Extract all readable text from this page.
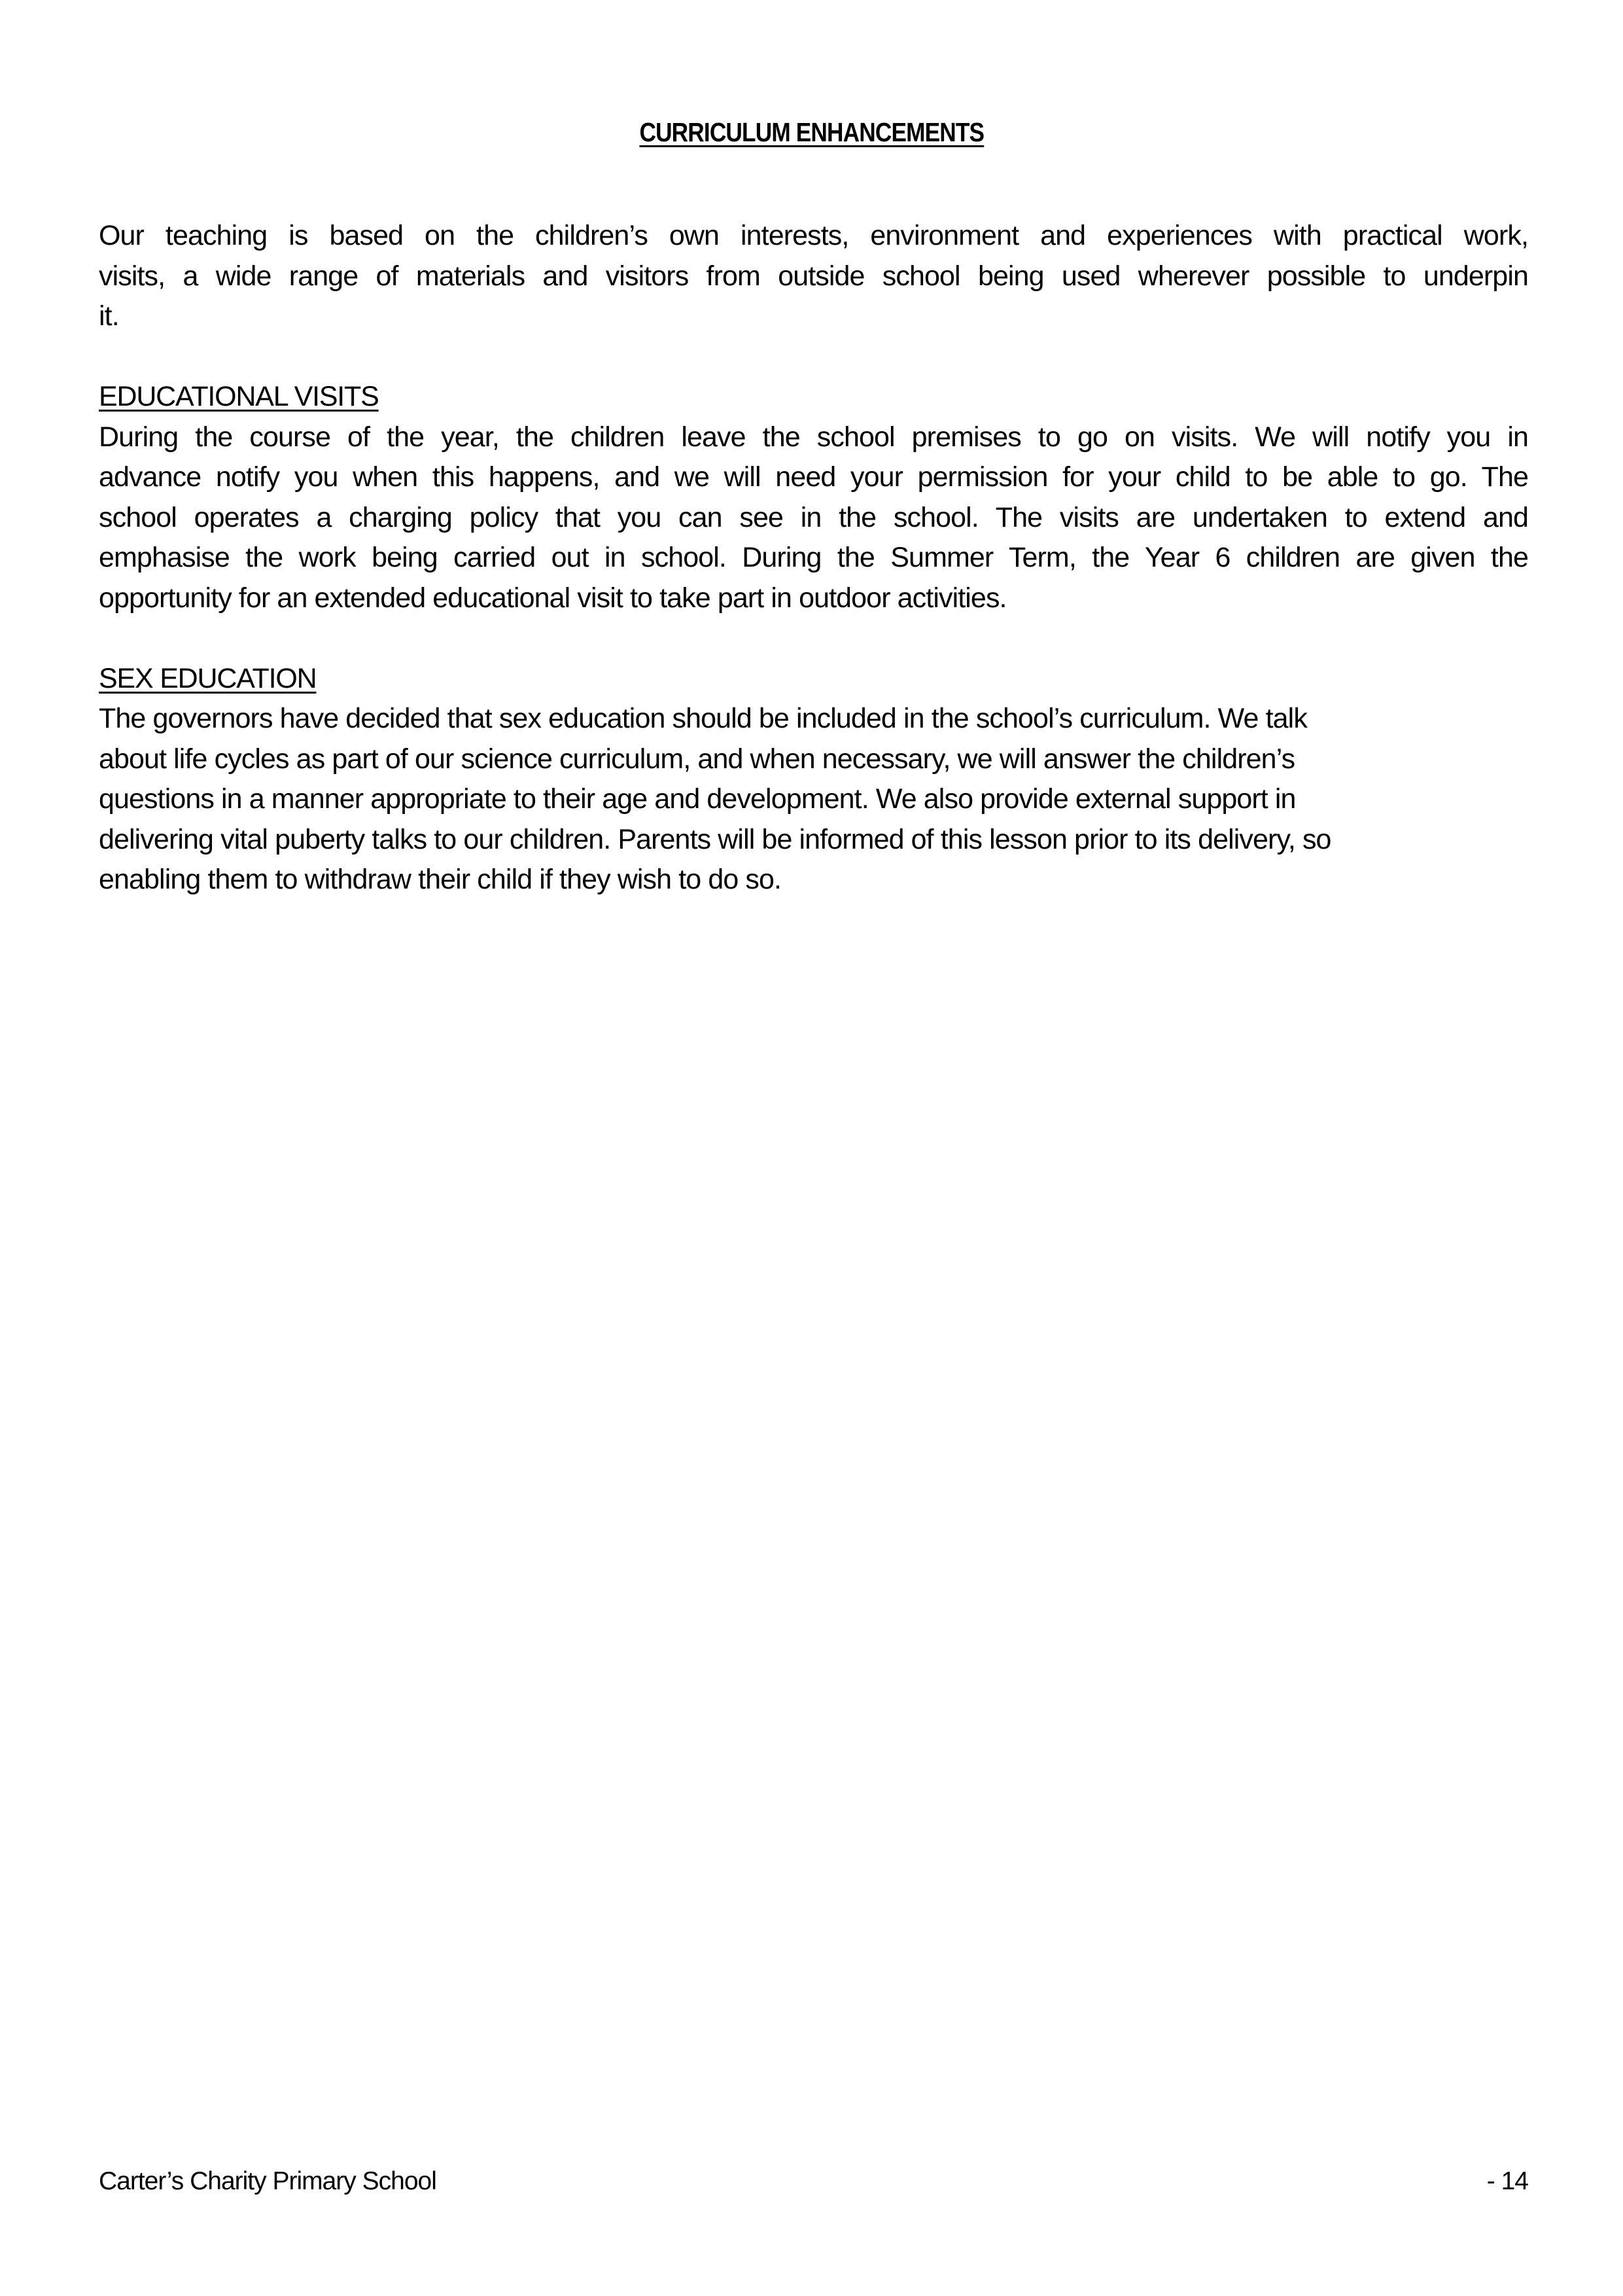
CURRICULUM ENHANCEMENTS

Our teaching is based on the children’s own interests, environment and experiences with practical work,
visits, a wide range of materials and visitors from outside school being used wherever possible to underpin
it.

EDUCATIONAL VISITS

During the course of the year, the children leave the school premises to go on visits. We will notify you in
advance notify you when this happens, and we will need your permission for your child to be able to go. The
school operates a charging policy that you can see in the school. The visits are undertaken to extend and
emphasise the work being carried out in school. During the Summer Term, the Year 6 children are given the
opportunity for an extended educational visit to take part in outdoor activities.

SEX EDUCATION

The governors have decided that sex education should be included in the school’s curriculum. We talk
about life cycles as part of our science curriculum, and when necessary, we will answer the children’s
questions in a manner appropriate to their age and development. We also provide external support in
delivering vital puberty talks to our children. Parents will be informed of this lesson prior to its delivery, so
enabling them to withdraw their child if they wish to do so.

Carter’s Charity Primary School	- 14
